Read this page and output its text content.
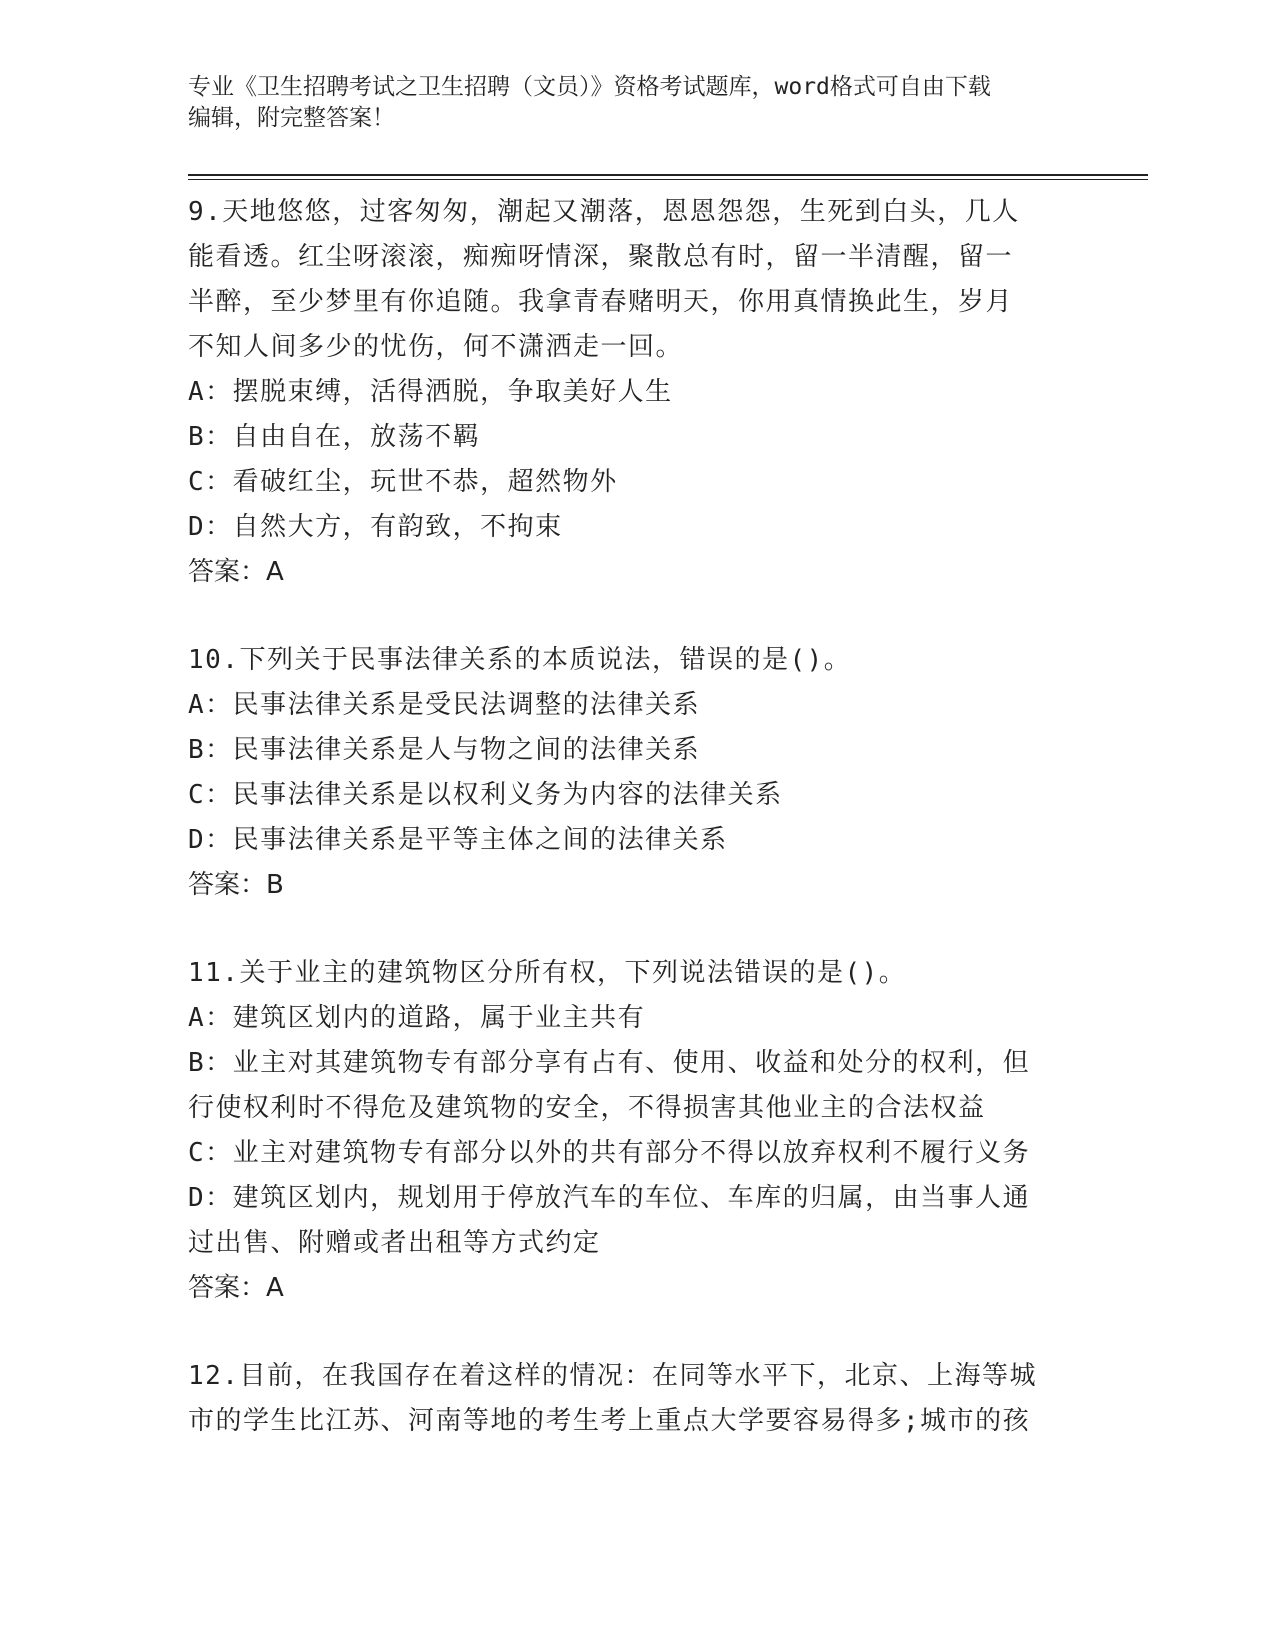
专业《卫生招聘考试之卫生招聘（文员）》资格考试题库，word格式可自由下载
编辑，附完整答案！
9.天地悠悠，过客匆匆，潮起又潮落，恩恩怨怨，生死到白头，几人
能看透。红尘呀滚滚，痴痴呀情深，聚散总有时，留一半清醒，留一
半醉，至少梦里有你追随。我拿青春赌明天，你用真情换此生，岁月
不知人间多少的忧伤，何不潇洒走一回。
A：摆脱束缚，活得洒脱，争取美好人生
B：自由自在，放荡不羁
C：看破红尘，玩世不恭，超然物外
D：自然大方，有韵致，不拘束
答案：A
10.下列关于民事法律关系的本质说法，错误的是()。
A：民事法律关系是受民法调整的法律关系
B：民事法律关系是人与物之间的法律关系
C：民事法律关系是以权利义务为内容的法律关系
D：民事法律关系是平等主体之间的法律关系
答案：B
11.关于业主的建筑物区分所有权，下列说法错误的是()。
A：建筑区划内的道路，属于业主共有
B：业主对其建筑物专有部分享有占有、使用、收益和处分的权利，但
行使权利时不得危及建筑物的安全，不得损害其他业主的合法权益
C：业主对建筑物专有部分以外的共有部分不得以放弃权利不履行义务
D：建筑区划内，规划用于停放汽车的车位、车库的归属，由当事人通
过出售、附赠或者出租等方式约定
答案：A
12.目前，在我国存在着这样的情况：在同等水平下，北京、上海等城
市的学生比江苏、河南等地的考生考上重点大学要容易得多;城市的孩
